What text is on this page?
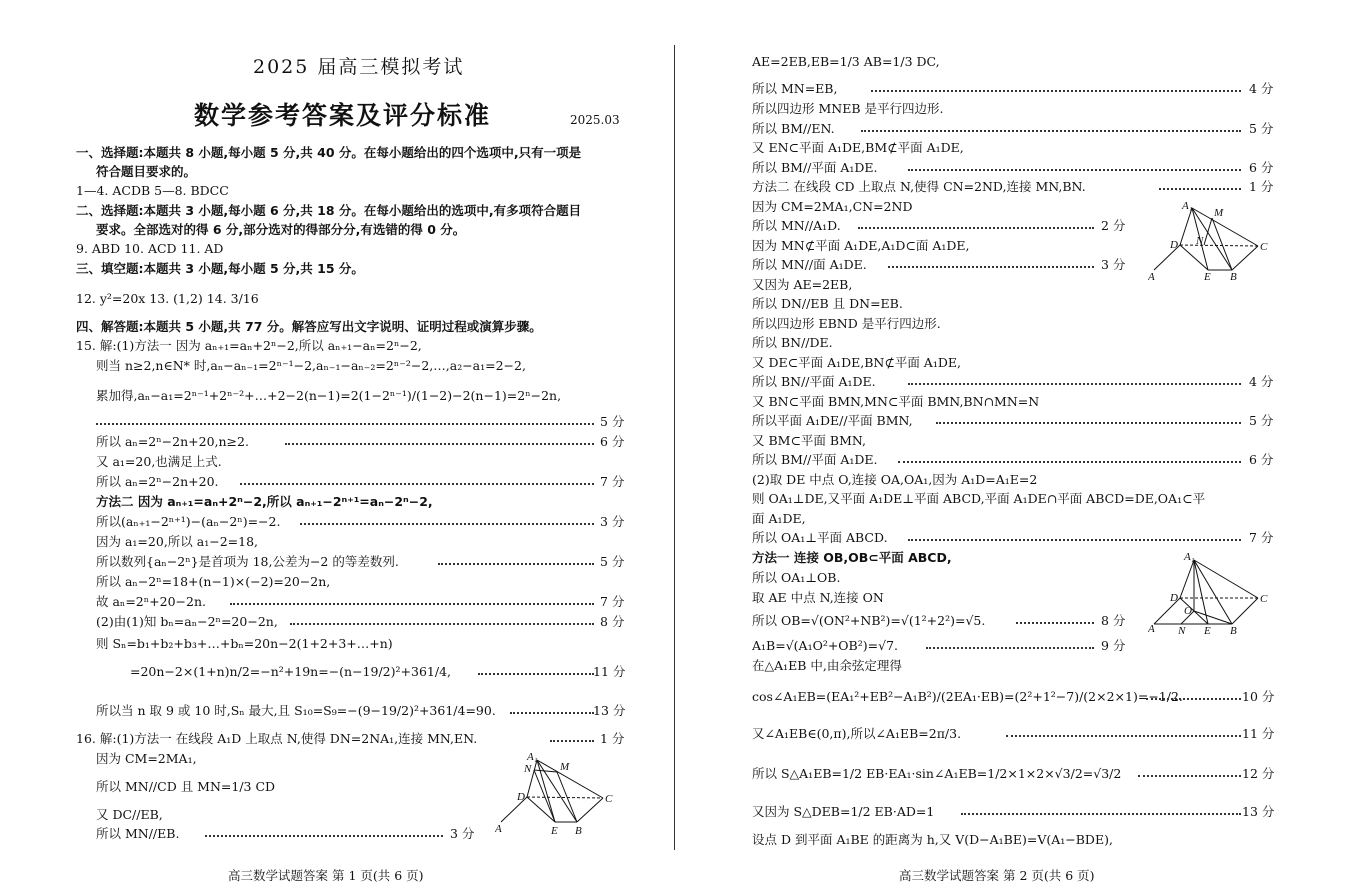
2025 届高三模拟考试
数学参考答案及评分标准	2025.03
一、选择题:本题共 8 小题,每小题 5 分,共 40 分。在每小题给出的四个选项中,只有一项是
符合题目要求的。
1—4. ACDB 5—8. BDCC
二、选择题:本题共 3 小题,每小题 6 分,共 18 分。在每小题给出的选项中,有多项符合题目
要求。全部选对的得 6 分,部分选对的得部分分,有选错的得 0 分。
9. ABD 10. ACD 11. AD
三、填空题:本题共 3 小题,每小题 5 分,共 15 分。
12. y²=20x 13. (1,2) 14. 3/16
四、解答题:本题共 5 小题,共 77 分。解答应写出文字说明、证明过程或演算步骤。
15. 解:(1)方法一 因为 aₙ₊₁=aₙ+2ⁿ−2,所以 aₙ₊₁−aₙ=2ⁿ−2,
则当 n≥2,n∈N* 时,aₙ−aₙ₋₁=2ⁿ⁻¹−2,aₙ₋₁−aₙ₋₂=2ⁿ⁻²−2,…,a₂−a₁=2−2,
累加得,aₙ−a₁=2ⁿ⁻¹+2ⁿ⁻²+…+2−2(n−1)=2(1−2ⁿ⁻¹)/(1−2)−2(n−1)=2ⁿ−2n,
5 分
所以 aₙ=2ⁿ−2n+20,n≥2.	6 分
又 a₁=20,也满足上式.
所以 aₙ=2ⁿ−2n+20.	7 分
方法二 因为 aₙ₊₁=aₙ+2ⁿ−2,所以 aₙ₊₁−2ⁿ⁺¹=aₙ−2ⁿ−2,
所以(aₙ₊₁−2ⁿ⁺¹)−(aₙ−2ⁿ)=−2.	3 分
因为 a₁=20,所以 a₁−2=18,
所以数列{aₙ−2ⁿ}是首项为 18,公差为−2 的等差数列.	5 分
所以 aₙ−2ⁿ=18+(n−1)×(−2)=20−2n,
故 aₙ=2ⁿ+20−2n.	7 分
(2)由(1)知 bₙ=aₙ−2ⁿ=20−2n,	8 分
则 Sₙ=b₁+b₂+b₃+…+bₙ=20n−2(1+2+3+…+n)
=20n−2×(1+n)n/2=−n²+19n=−(n−19/2)²+361/4,	11 分
所以当 n 取 9 或 10 时,Sₙ 最大,且 S₁₀=S₉=−(9−19/2)²+361/4=90.	13 分
16. 解:(1)方法一 在线段 A₁D 上取点 N,使得 DN=2NA₁,连接 MN,EN.	1 分
因为 CM=2MA₁,
所以 MN//CD 且 MN=1/3 CD
又 DC//EB,
所以 MN//EB.	3 分
A₁
N	M
D	C
A	E B
高三数学试题答案 第 1 页(共 6 页)
AE=2EB,EB=1/3 AB=1/3 DC,
所以 MN=EB,	4 分
所以四边形 MNEB 是平行四边形.
所以 BM//EN.	5 分
又 EN⊂平面 A₁DE,BM⊄平面 A₁DE,
所以 BM//平面 A₁DE.	6 分
方法二 在线段 CD 上取点 N,使得 CN=2ND,连接 MN,BN.	1 分
因为 CM=2MA₁,CN=2ND
所以 MN//A₁D.	2 分
因为 MN⊄平面 A₁DE,A₁D⊂面 A₁DE,
所以 MN//面 A₁DE.	3 分
又因为 AE=2EB,
所以 DN//EB 且 DN=EB.
所以四边形 EBND 是平行四边形.
所以 BN//DE.
又 DE⊂平面 A₁DE,BN⊄平面 A₁DE,
所以 BN//平面 A₁DE.	4 分
又 BN⊂平面 BMN,MN⊂平面 BMN,BN∩MN=N
所以平面 A₁DE//平面 BMN,	5 分
又 BM⊂平面 BMN,
所以 BM//平面 A₁DE.	6 分
(2)取 DE 中点 O,连接 OA,OA₁,因为 A₁D=A₁E=2
则 OA₁⊥DE,又平面 A₁DE⊥平面 ABCD,平面 A₁DE∩平面 ABCD=DE,OA₁⊂平
面 A₁DE,
所以 OA₁⊥平面 ABCD.	7 分
方法一 连接 OB,OB⊂平面 ABCD,
所以 OA₁⊥OB.
取 AE 中点 N,连接 ON
所以 OB=√(ON²+NB²)=√(1²+2²)=√5.	8 分
A₁B=√(A₁O²+OB²)=√7.	9 分
在△A₁EB 中,由余弦定理得
cos∠A₁EB=(EA₁²+EB²−A₁B²)/(2EA₁·EB)=(2²+1²−7)/(2×2×1)=−1/2.	10 分
又∠A₁EB∈(0,π),所以∠A₁EB=2π/3.	11 分
所以 S△A₁EB=1/2 EB·EA₁·sin∠A₁EB=1/2×1×2×√3/2=√3/2	12 分
又因为 S△DEB=1/2 EB·AD=1	13 分
设点 D 到平面 A₁BE 的距离为 h,又 V(D−A₁BE)=V(A₁−BDE),
A₁
M
D N	C
A	E B
A₁
D
O
C
A N E B
高三数学试题答案 第 2 页(共 6 页)
